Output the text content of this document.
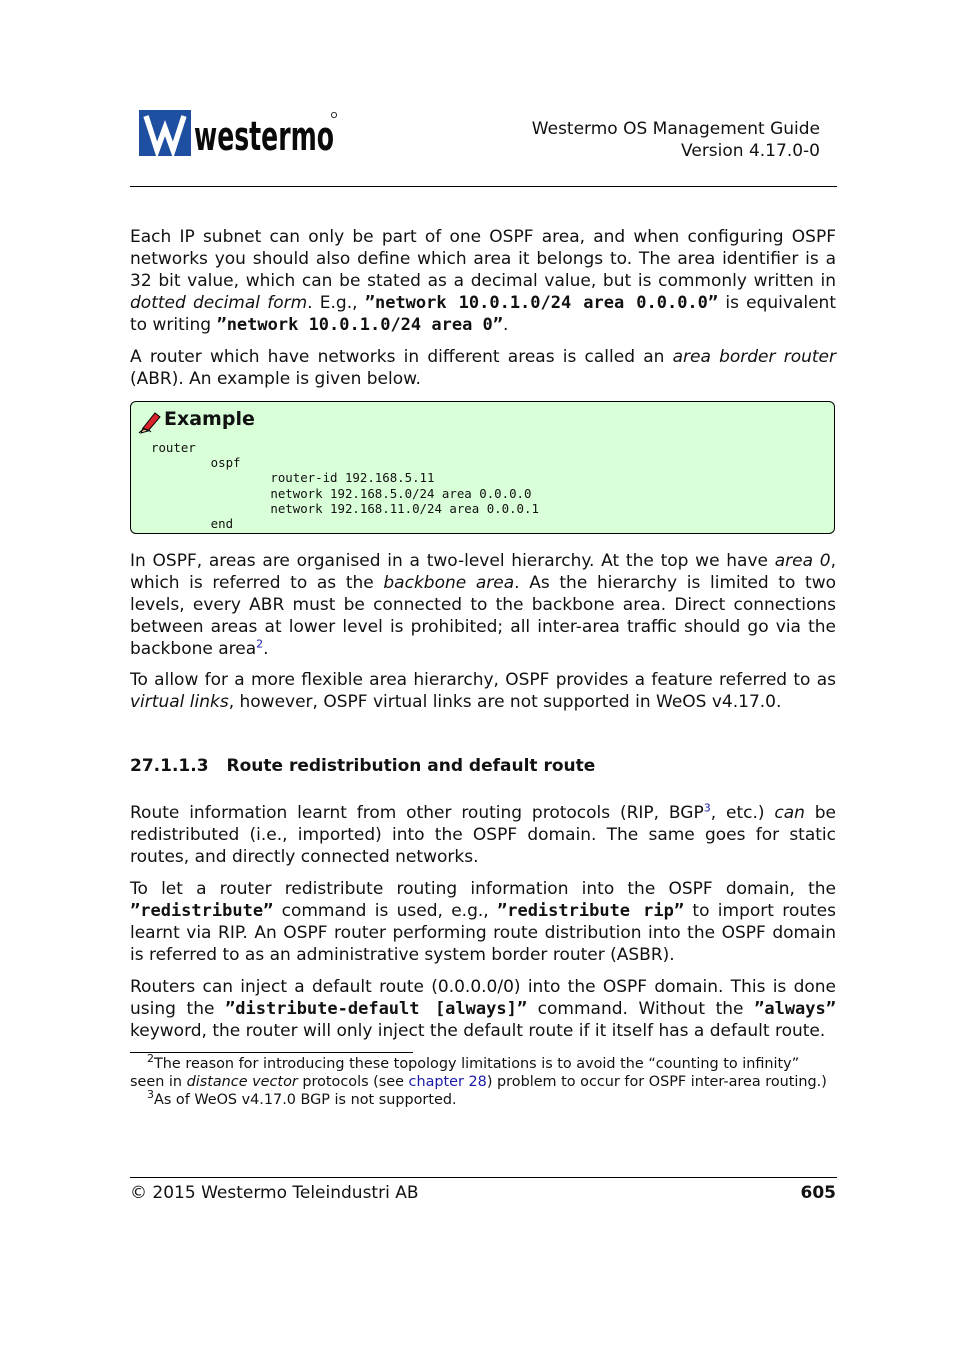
westermo	Westermo OS Management Guide
Version 4.17.0-0

Each IP subnet can only be part of one OSPF area, and when configuring OSPF networks you should also define which area it belongs to. The area identifier is a 32 bit value, which can be stated as a decimal value, but is commonly written in dotted decimal form. E.g., ”network 10.0.1.0/24 area 0.0.0.0” is equivalent to writing ”network 10.0.1.0/24 area 0”.

A router which have networks in different areas is called an area border router (ABR). An example is given below.

Example
router
ospf
router-id 192.168.5.11
network 192.168.5.0/24 area 0.0.0.0
network 192.168.11.0/24 area 0.0.0.1
end

In OSPF, areas are organised in a two-level hierarchy. At the top we have area 0, which is referred to as the backbone area. As the hierarchy is limited to two levels, every ABR must be connected to the backbone area. Direct connections between areas at lower level is prohibited; all inter-area traffic should go via the backbone area$^2$.

To allow for a more flexible area hierarchy, OSPF provides a feature referred to as virtual links, however, OSPF virtual links are not supported in WeOS v4.17.0.

27.1.1.3 Route redistribution and default route

Route information learnt from other routing protocols (RIP, BGP$^3$, etc.) can be redistributed (i.e., imported) into the OSPF domain. The same goes for static routes, and directly connected networks.

To let a router redistribute routing information into the OSPF domain, the ”redistribute” command is used, e.g., ”redistribute rip” to import routes learnt via RIP. An OSPF router performing route distribution into the OSPF domain is referred to as an administrative system border router (ASBR).

Routers can inject a default route (0.0.0.0/0) into the OSPF domain. This is done using the ”distribute-default [always]” command. Without the ”always” keyword, the router will only inject the default route if it itself has a default route.

$^2$The reason for introducing these topology limitations is to avoid the “counting to infinity” seen in distance vector protocols (see chapter 28) problem to occur for OSPF inter-area routing.)

$^3$As of WeOS v4.17.0 BGP is not supported.

© 2015 Westermo Teleindustri AB	605
